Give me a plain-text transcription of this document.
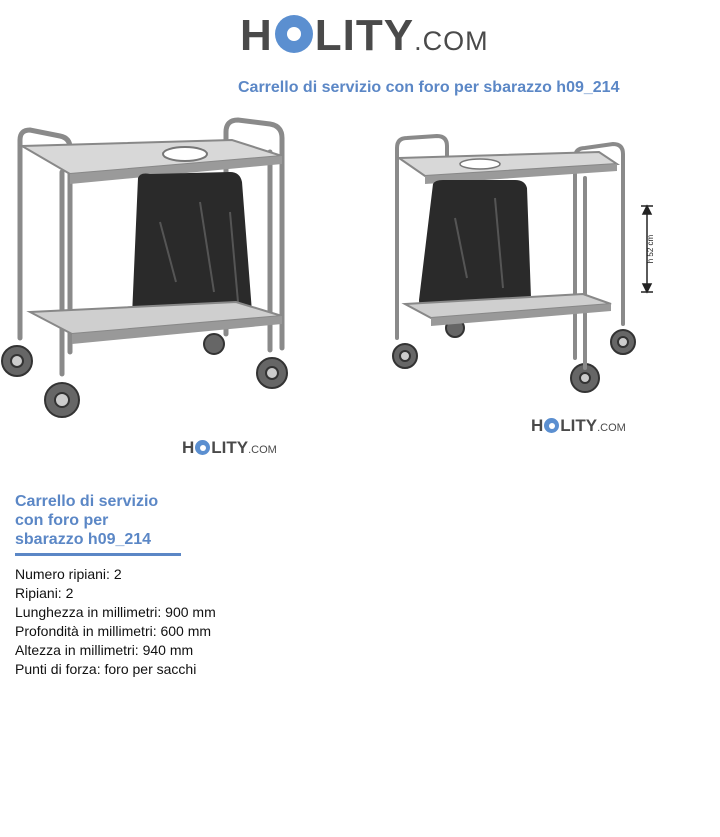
H LITY .COM
Carrello di servizio con foro per sbarazzo h09_214
H LITY .COM
h 52 cm
H LITY .COM
Carrello di servizio con foro per sbarazzo h09_214
Numero ripiani: 2
Ripiani: 2
Lunghezza in millimetri: 900 mm
Profondità in millimetri: 600 mm
Altezza in millimetri: 940 mm
Punti di forza: foro per sacchi
